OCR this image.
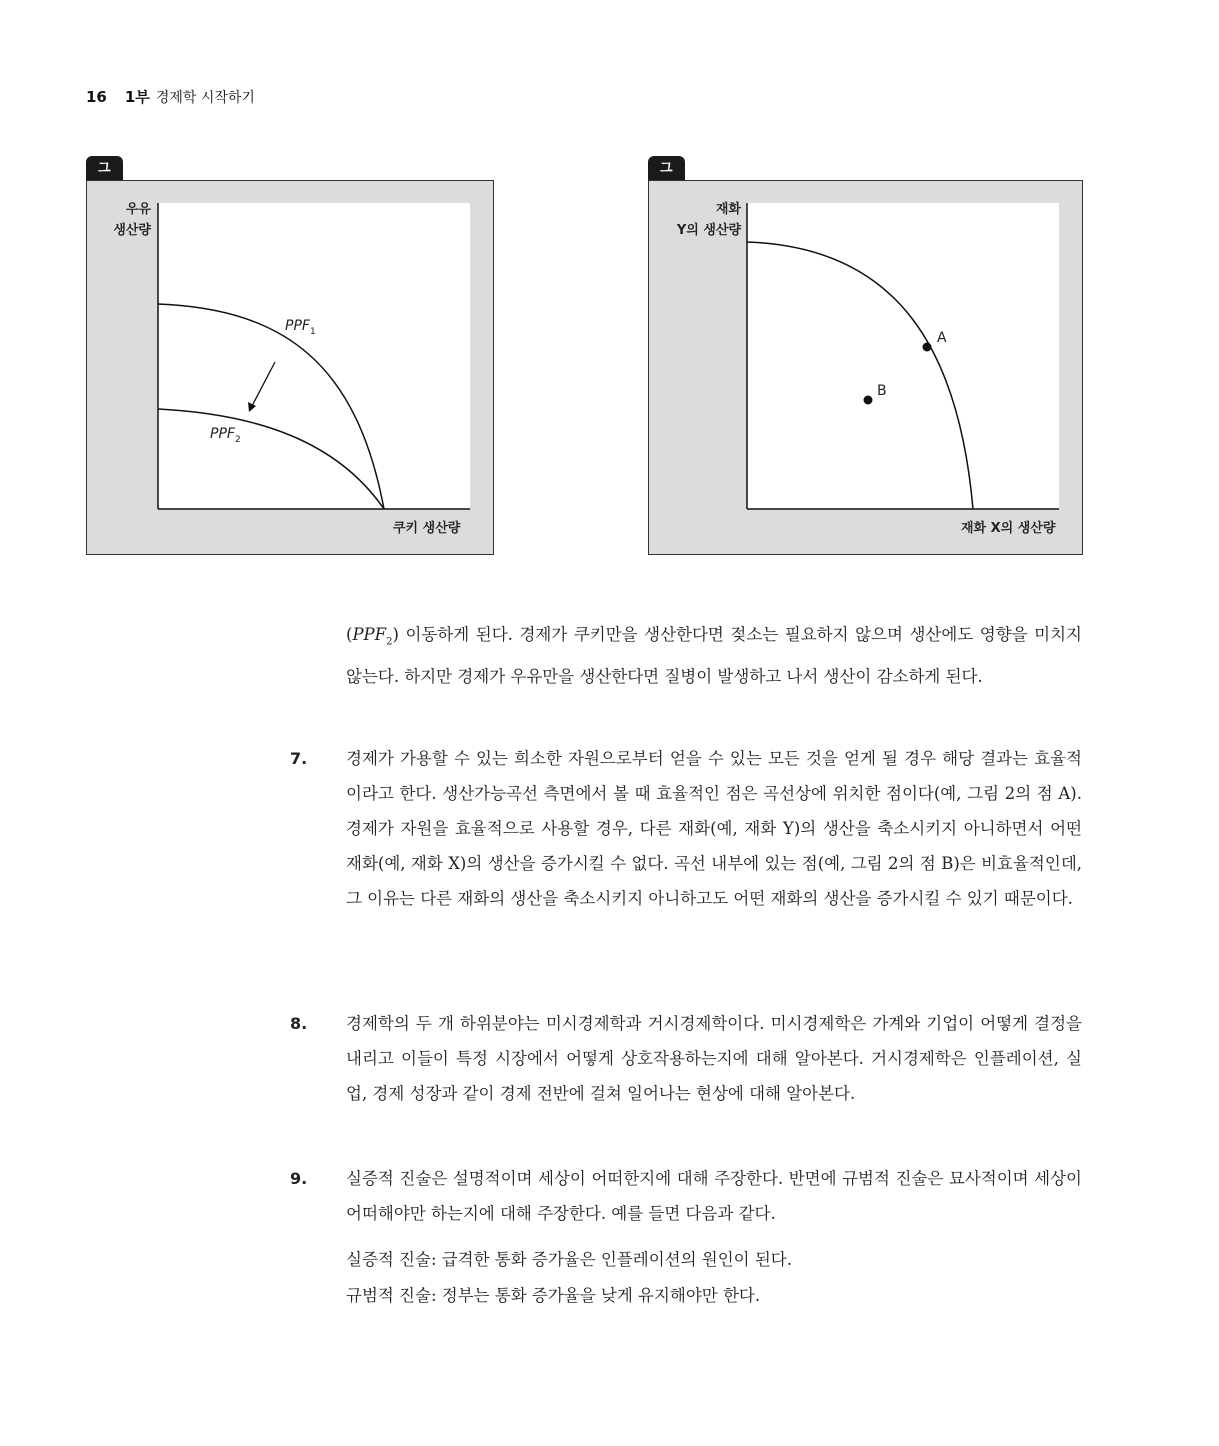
16 1부 경제학 시작하기
그
우유
생산량
쿠키 생산량
$PPF_1$
$PPF_2$
그
재화
Y의 생산량
재화 X의 생산량
A
B
$(PPF_2)$ 이동하게 된다. 경제가 쿠키만을 생산한다면 젖소는 필요하지 않으며 생산에도 영향을 미치지 않는다. 하지만 경제가 우유만을 생산한다면 질병이 발생하고 나서 생산이 감소하게 된다.
7. 경제가 가용할 수 있는 희소한 자원으로부터 얻을 수 있는 모든 것을 얻게 될 경우 해당 결과는 효율적이라고 한다. 생산가능곡선 측면에서 볼 때 효율적인 점은 곡선상에 위치한 점이다(예, 그림 2의 점 A). 경제가 자원을 효율적으로 사용할 경우, 다른 재화(예, 재화 Y)의 생산을 축소시키지 아니하면서 어떤 재화(예, 재화 X)의 생산을 증가시킬 수 없다. 곡선 내부에 있는 점(예, 그림 2의 점 B)은 비효율적인데, 그 이유는 다른 재화의 생산을 축소시키지 아니하고도 어떤 재화의 생산을 증가시킬 수 있기 때문이다.
8. 경제학의 두 개 하위분야는 미시경제학과 거시경제학이다. 미시경제학은 가계와 기업이 어떻게 결정을 내리고 이들이 특정 시장에서 어떻게 상호작용하는지에 대해 알아본다. 거시경제학은 인플레이션, 실업, 경제 성장과 같이 경제 전반에 걸쳐 일어나는 현상에 대해 알아본다.
9. 실증적 진술은 설명적이며 세상이 어떠한지에 대해 주장한다. 반면에 규범적 진술은 묘사적이며 세상이 어떠해야만 하는지에 대해 주장한다. 예를 들면 다음과 같다.
실증적 진술: 급격한 통화 증가율은 인플레이션의 원인이 된다.
규범적 진술: 정부는 통화 증가율을 낮게 유지해야만 한다.
